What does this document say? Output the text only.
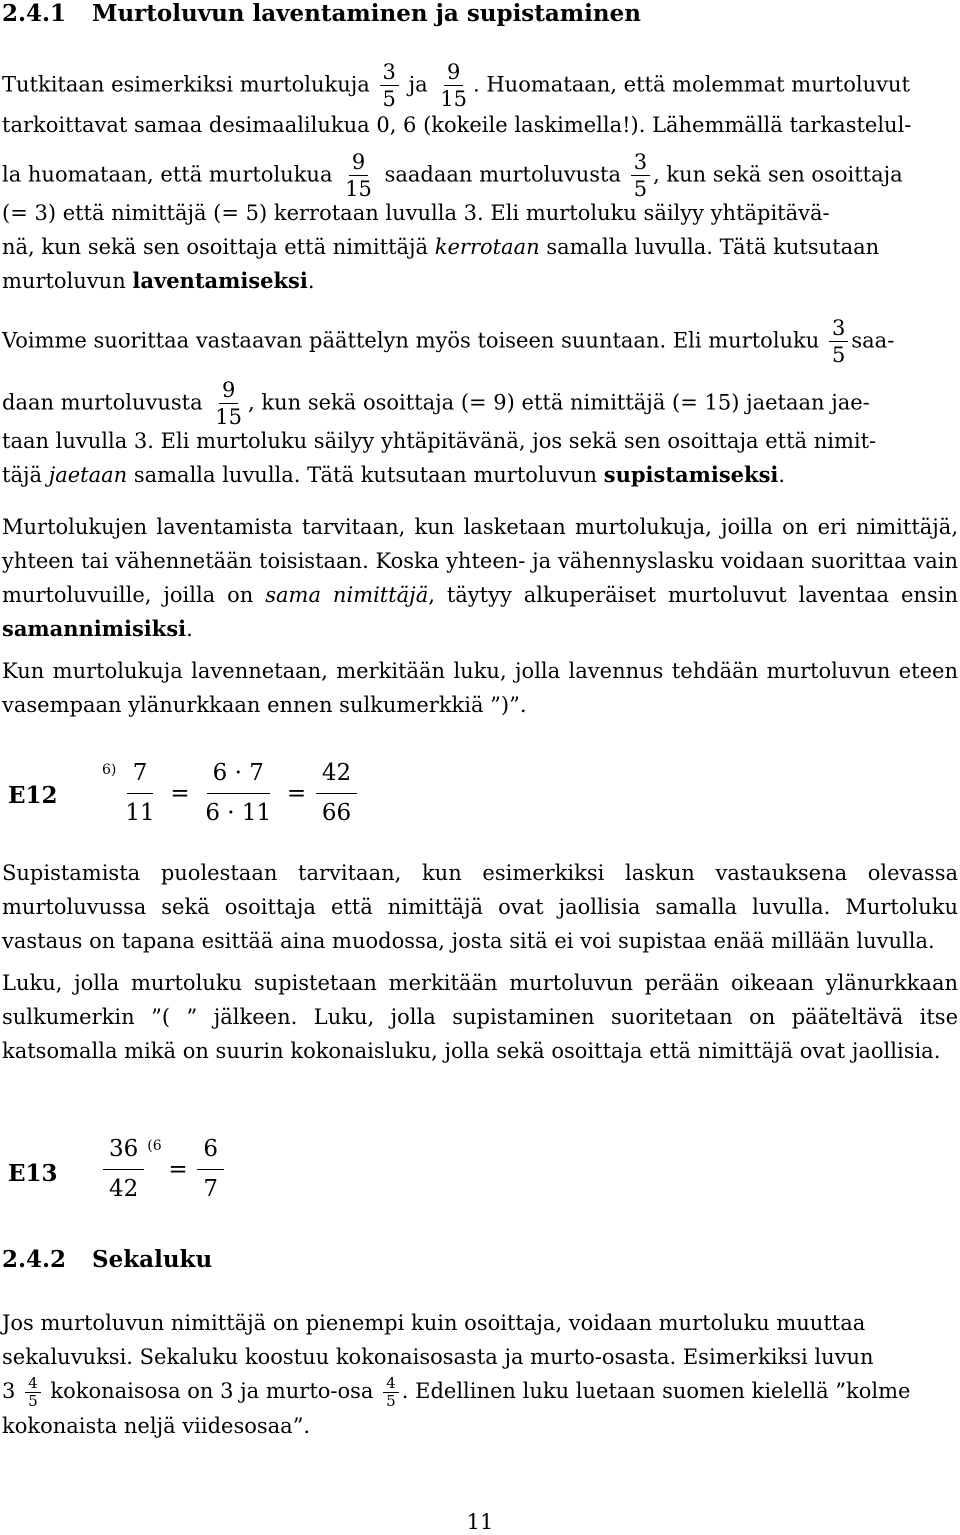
2.4.1 Murtoluvun laventaminen ja supistaminen
Tutkitaan esimerkiksi murtolukuja $\frac{3}{5}$ ja $\frac{9}{15}$ . Huomataan, että molemmat murtoluvut
tarkoittavat samaa desimaalilukua 0, 6 (kokeile laskimella!). Lähemmällä tarkastelul-
la huomataan, että murtolukua $\frac{9}{15}$ saadaan murtoluvusta $\frac{3}{5}$ , kun sekä sen osoittaja
(= 3) että nimittäjä (= 5) kerrotaan luvulla 3. Eli murtoluku säilyy yhtäpitävä-
nä, kun sekä sen osoittaja että nimittäjä kerrotaan samalla luvulla. Tätä kutsutaan
murtoluvun laventamiseksi.
Voimme suorittaa vastaavan päättelyn myös toiseen suuntaan. Eli murtoluku $\frac{3}{5} saa-$
daan murtoluvusta $\frac{9}{15}$ , kun sekä osoittaja (= 9) että nimittäjä (= 15) jaetaan jae-
taan luvulla 3. Eli murtoluku säilyy yhtäpitävänä, jos sekä sen osoittaja että nimit-
täjä jaetaan samalla luvulla. Tätä kutsutaan murtoluvun supistamiseksi.

Murtolukujen laventamista tarvitaan, kun lasketaan murtolukuja, joilla on eri nimittäjä, yhteen tai vähennetään toisistaan. Koska yhteen- ja vähennyslasku voidaan suorittaa vain murtoluvuille, joilla on sama nimittäjä, täytyy alkuperäiset murtoluvut laventaa ensin samannimisiksi.

Kun murtolukuja lavennetaan, merkitään luku, jolla lavennus tehdään murtoluvun eteen vasempaan ylänurkkaan ennen sulkumerkkiä ”)”.

E12
$^{6)} \frac{7}{11} = \frac{6 \cdot 7}{6 \cdot 11} = \frac{42}{66}$

Supistamista puolestaan tarvitaan, kun esimerkiksi laskun vastauksena olevassa murtoluvussa sekä osoittaja että nimittäjä ovat jaollisia samalla luvulla. Murtoluku vastaus on tapana esittää aina muodossa, josta sitä ei voi supistaa enää millään luvulla.

Luku, jolla murtoluku supistetaan merkitään murtoluvun perään oikeaan ylänurkkaan sulkumerkin ”( ” jälkeen. Luku, jolla supistaminen suoritetaan on pääteltävä itse katsomalla mikä on suurin kokonaisluku, jolla sekä osoittaja että nimittäjä ovat jaollisia.

$E13 \frac{36}{42} ^{(6} = \frac{6}{7}$
2.4.2 Sekaluku
Jos murtoluvun nimittäjä on pienempi kuin osoittaja, voidaan murtoluku muuttaa
sekaluvuksi. Sekaluku koostuu kokonaisosasta ja murto-osasta. Esimerkiksi luvun
$3 \frac{4}{5}$ kokonaisosa on 3 ja murto-osa $\frac{4}{5}$ . Edellinen luku luetaan suomen kielellä ”kolme
kokonaista neljä viidesosaa”.
11
